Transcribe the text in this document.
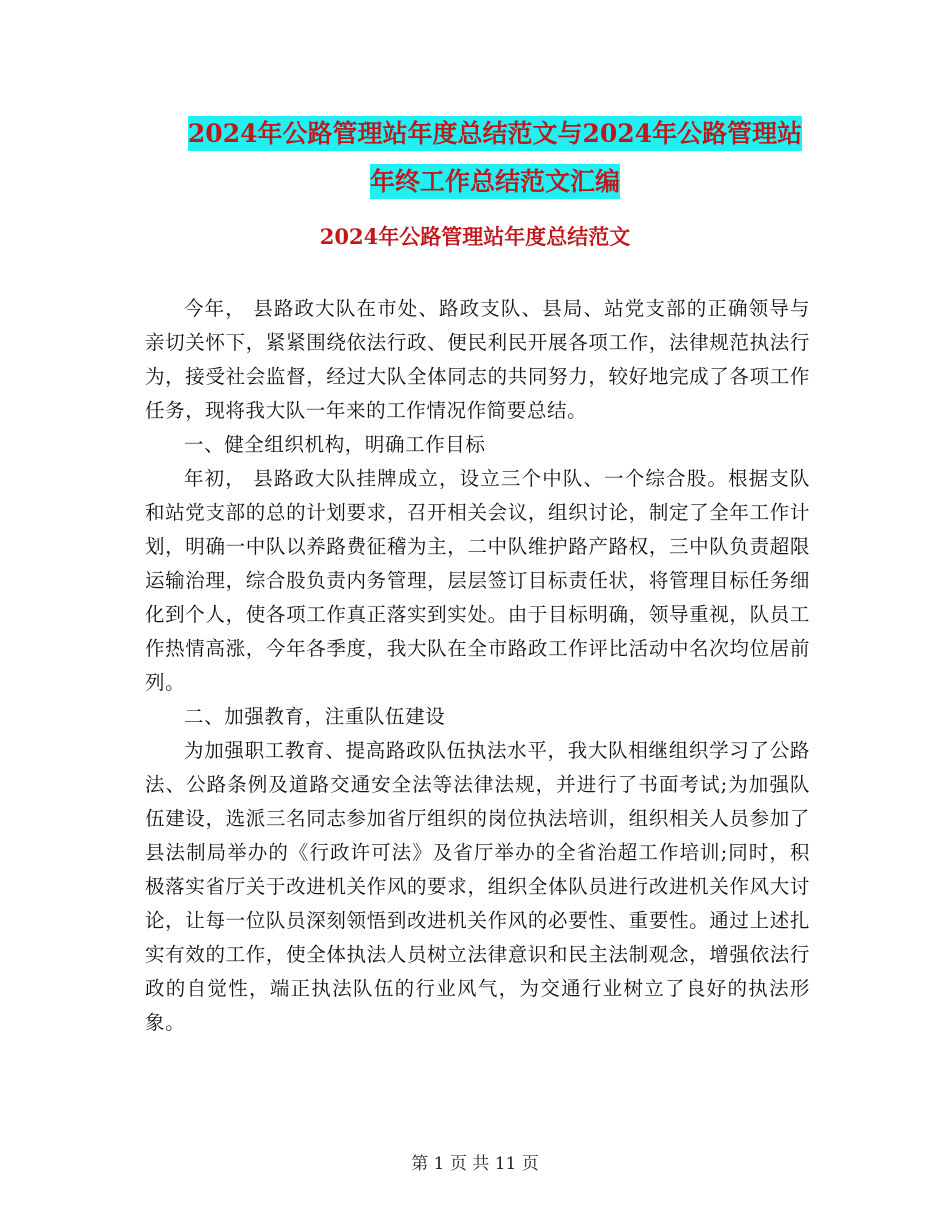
2024年公路管理站年度总结范文与2024年公路管理站
年终工作总结范文汇编
2024年公路管理站年度总结范文

今年， 县路政大队在市处、路政支队、县局、站党支部的正确领导与亲切关怀下，紧紧围绕依法行政、便民利民开展各项工作，法律规范执法行为，接受社会监督，经过大队全体同志的共同努力，较好地完成了各项工作任务，现将我大队一年来的工作情况作简要总结。

一、健全组织机构，明确工作目标

年初， 县路政大队挂牌成立，设立三个中队、一个综合股。根据支队和站党支部的总的计划要求，召开相关会议，组织讨论，制定了全年工作计划，明确一中队以养路费征稽为主，二中队维护路产路权，三中队负责超限运输治理，综合股负责内务管理，层层签订目标责任状，将管理目标任务细化到个人，使各项工作真正落实到实处。由于目标明确，领导重视，队员工作热情高涨，今年各季度，我大队在全市路政工作评比活动中名次均位居前列。

二、加强教育，注重队伍建设

为加强职工教育、提高路政队伍执法水平，我大队相继组织学习了公路法、公路条例及道路交通安全法等法律法规，并进行了书面考试;为加强队伍建设，选派三名同志参加省厅组织的岗位执法培训，组织相关人员参加了县法制局举办的《行政许可法》及省厅举办的全省治超工作培训;同时，积极落实省厅关于改进机关作风的要求，组织全体队员进行改进机关作风大讨论，让每一位队员深刻领悟到改进机关作风的必要性、重要性。通过上述扎实有效的工作，使全体执法人员树立法律意识和民主法制观念，增强依法行政的自觉性，端正执法队伍的行业风气，为交通行业树立了良好的执法形象。

第 1 页 共 11 页
